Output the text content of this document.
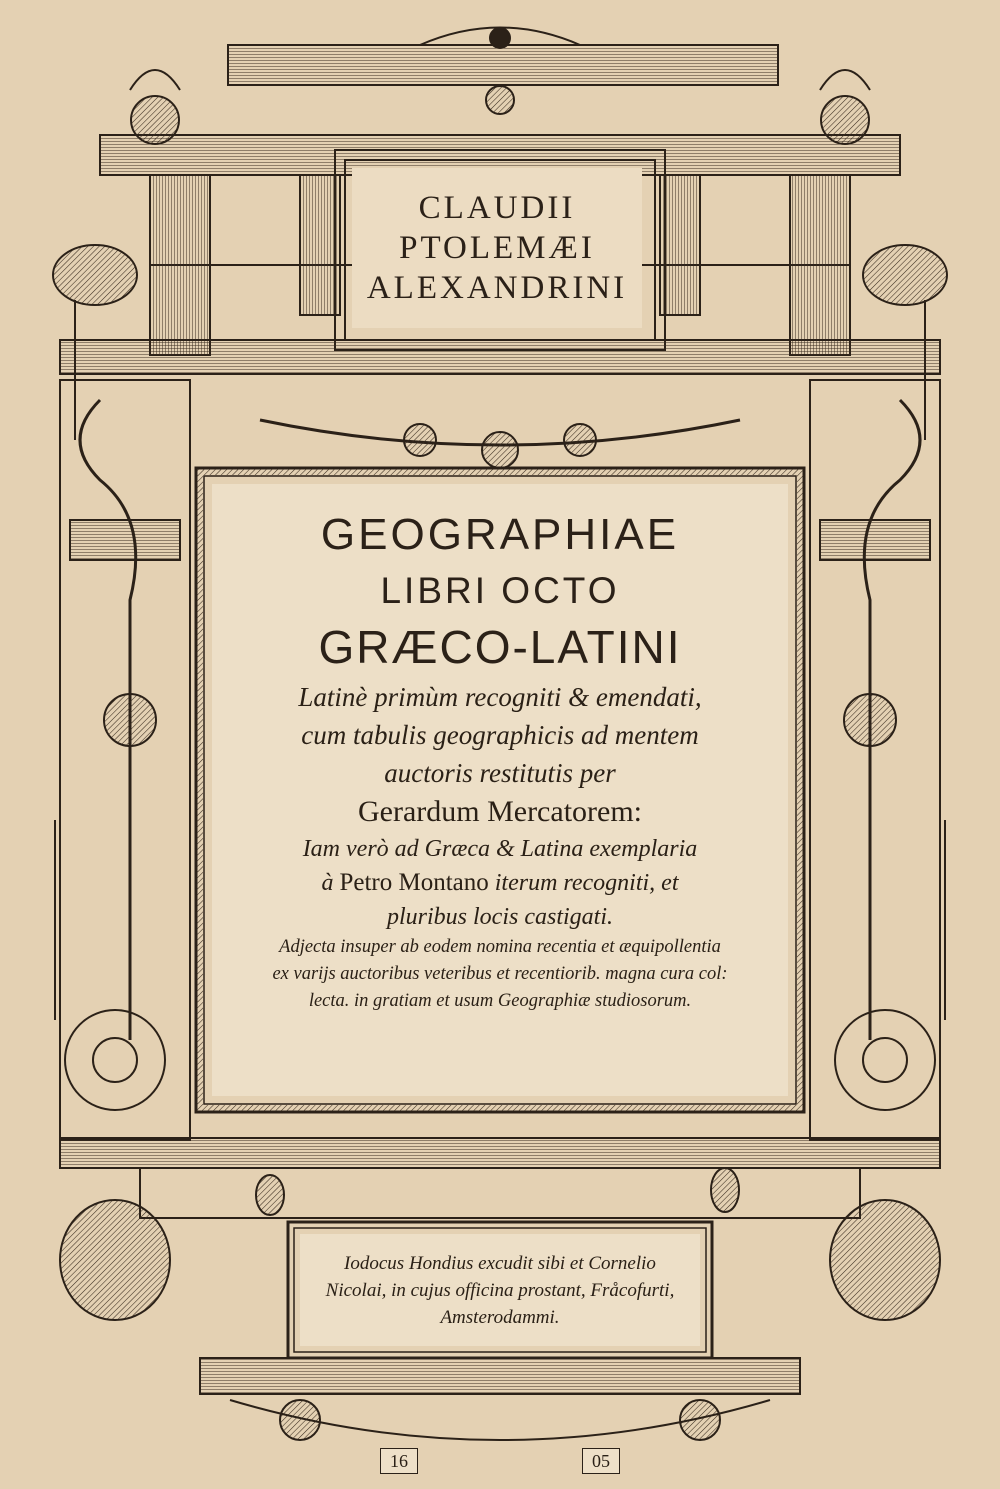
CLAUDII
PTOLEMÆI
ALEXANDRINI
GEOGRAPHIAE
LIBRI OCTO
GRÆCO-LATINI
Latinè primùm recogniti & emendati,
cum tabulis geographicis ad mentem
auctoris restitutis per
Gerardum Mercatorem:
Iam verò ad Græca & Latina exemplaria
à Petro Montano iterum recogniti, et
pluribus locis castigati.
Adjecta insuper ab eodem nomina recentia et æquipollentia
ex varijs auctoribus veteribus et recentiorib. magna cura col:
lecta. in gratiam et usum Geographiæ studiosorum.
Iodocus Hondius excudit sibi et Cornelio
Nicolai, in cujus officina prostant, Fråcofurti,
Amsterodammi.
16	05
